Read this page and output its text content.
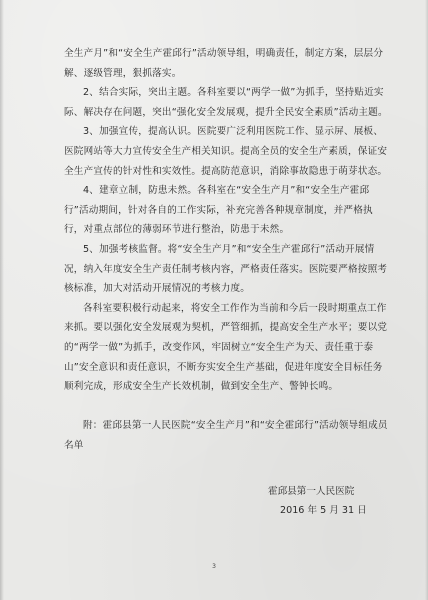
全生产月”和“安全生产霍邱行”活动领导组，明确责任，制定方案，层层分解、逐级管理，狠抓落实。

2、结合实际，突出主题。各科室要以“两学一做”为抓手，坚持贴近实际、解决存在问题，突出“强化安全发展观，提升全民安全素质”活动主题。

3、加强宣传，提高认识。医院要广泛利用医院工作、显示屏、展板、医院网站等大力宣传安全生产相关知识。提高全员的安全生产素质，保证安全生产宣传的针对性和实效性。提高防范意识，消除事故隐患于萌芽状态。

4、建章立制，防患未然。各科室在“安全生产月”和“安全生产霍邱行”活动期间，针对各自的工作实际，补充完善各种规章制度，并严格执行，对重点部位的薄弱环节进行整治，防患于未然。

5、加强考核监督。将“安全生产月”和“安全生产霍邱行”活动开展情况，纳入年度安全生产责任制考核内容，严格责任落实。医院要严格按照考核标准，加大对活动开展情况的考核力度。

各科室要积极行动起来，将安全工作作为当前和今后一段时期重点工作来抓。要以强化安全发展观为契机，严管细抓，提高安全生产水平；要以党的“两学一做”为抓手，改变作风，牢固树立“安全生产为天、责任重于泰山”安全意识和责任意识，不断夯实安全生产基础，促进年度安全目标任务顺利完成，形成安全生产长效机制，做到安全生产、警钟长鸣。

附：霍邱县第一人民医院“安全生产月”和“安全霍邱行”活动领导组成员名单

霍邱县第一人民医院
2016 年 5 月 31 日
3
